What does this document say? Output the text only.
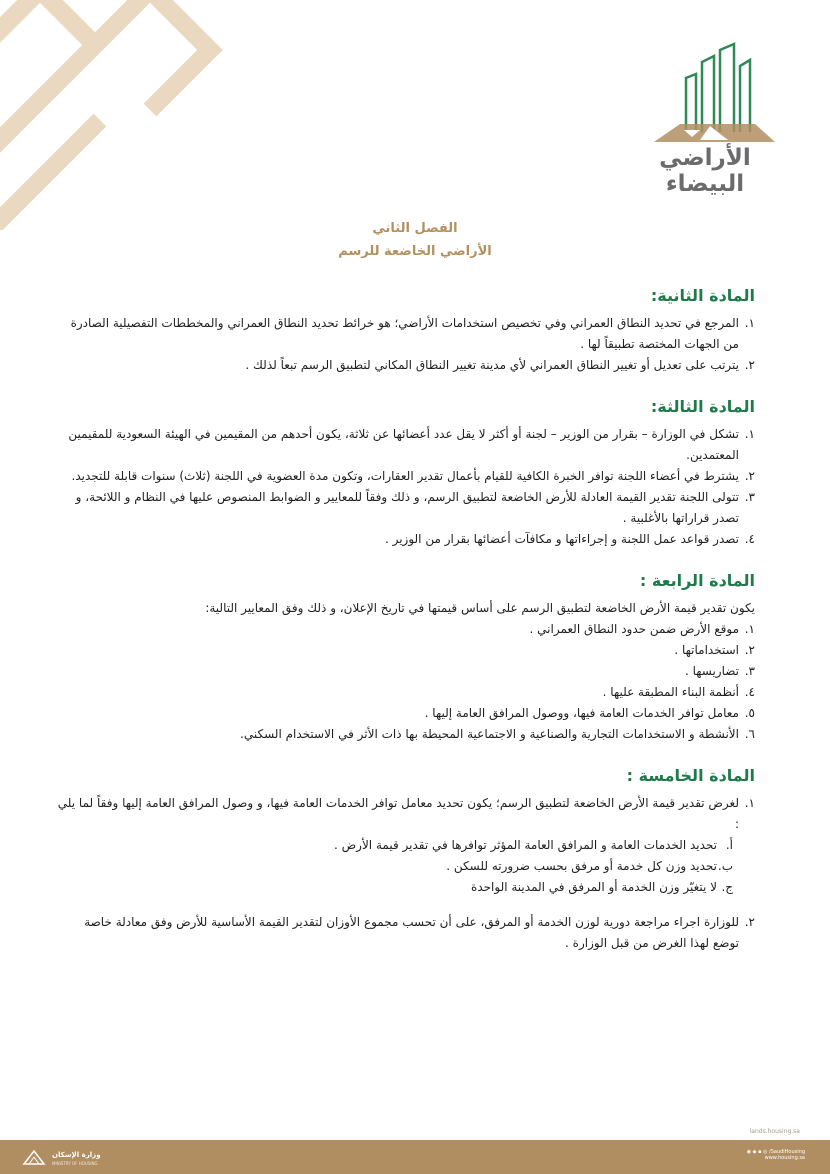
الأراضي البيضاء
الفصل الثاني
الأراضي الخاضعة للرسم
المادة الثانية:
١.
المرجع في تحديد النطاق العمراني وفي تخصيص استخدامات الأراضي؛ هو خرائط تحديد النطاق العمراني والمخططات التفصيلية الصادرة من الجهات المختصة تطبيقاً لها .
٢.
يترتب على تعديل أو تغيير النطاق العمراني لأي مدينة تغيير النطاق المكاني لتطبيق الرسم تبعاً لذلك .
المادة الثالثة:
١.
تشكل في الوزارة – بقرار من الوزير – لجنة أو أكثر لا يقل عدد أعضائها عن ثلاثة، يكون أحدهم من المقيمين في الهيئة السعودية للمقيمين المعتمدين.
٢.
يشترط في أعضاء اللجنة توافر الخبرة الكافية للقيام بأعمال تقدير العقارات، وتكون مدة العضوية في اللجنة (ثلاث) سنوات قابلة للتجديد.
٣.
تتولى اللجنة تقدير القيمة العادلة للأرض الخاضعة لتطبيق الرسم، و ذلك وفقاً للمعايير و الضوابط المنصوص عليها في النظام و اللائحة، و تصدر قراراتها بالأغلبية .
٤.
تصدر قواعد عمل اللجنة و إجراءاتها و مكافآت أعضائها بقرار من الوزير .
المادة الرابعة :
يكون تقدير قيمة الأرض الخاضعة لتطبيق الرسم على أساس قيمتها في تاريخ الإعلان، و ذلك وفق المعايير التالية:
١.
موقع الأرض ضمن حدود النطاق العمراني .
٢.
استخداماتها .
٣.
تضاريسها .
٤.
أنظمة البناء المطبقة عليها .
٥.
معامل توافر الخدمات العامة فيها، ووصول المرافق العامة إليها .
٦.
الأنشطة و الاستخدامات التجارية والصناعية و الاجتماعية المحيطة بها ذات الأثر في الاستخدام السكني.
المادة الخامسة :
١.
لغرض تقدير قيمة الأرض الخاضعة لتطبيق الرسم؛ يكون تحديد معامل توافر الخدمات العامة فيها، و وصول المرافق العامة إليها وفقاً لما يلي :
أ.
تحديد الخدمات العامة و المرافق العامة المؤثر توافرها في تقدير قيمة الأرض .
ب.
تحديد وزن كل خدمة أو مرفق بحسب ضرورته للسكن .
ج.
لا يتغيّر وزن الخدمة أو المرفق في المدينة الواحدة
٢.
للوزارة اجراء مراجعة دورية لوزن الخدمة أو المرفق، على أن تحسب مجموع الأوزان لتقدير القيمة الأساسية للأرض وفق معادلة خاصة توضع لهذا الغرض من قبل الوزارة .
lands.housing.sa
وزارة الإسكان
MINISTRY OF HOUSING
◉ ◆ ▪ ◎ /SaudiHousing
www.housing.sa
